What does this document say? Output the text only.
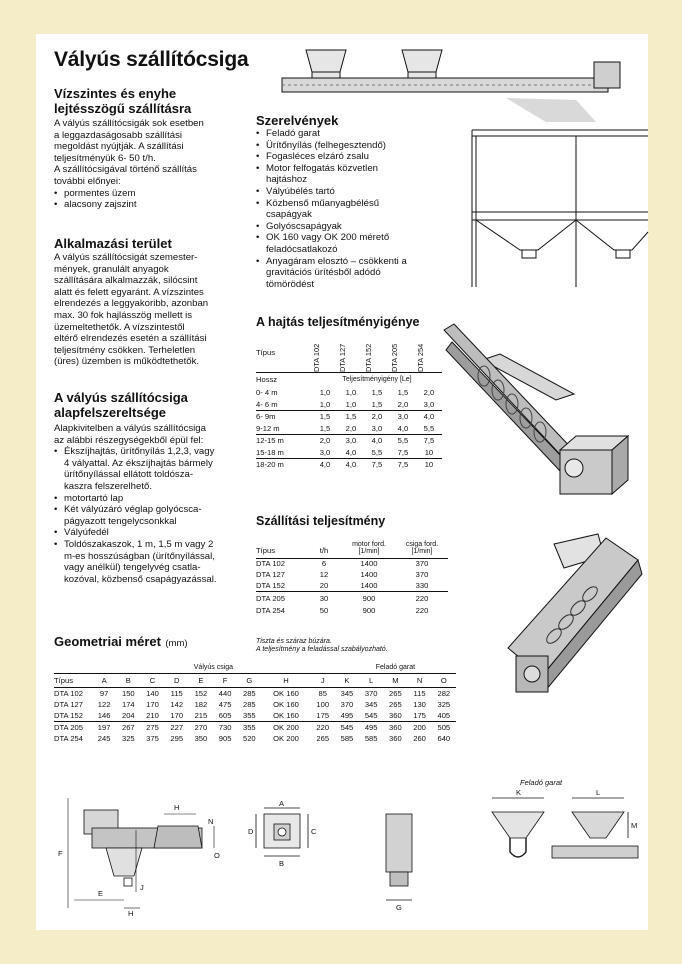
Vályús szállítócsiga
Vízszintes és enyhe lejtésszögű szállításra

A vályús szállítócsigák sok esetben

a leggazdaságosabb szállítási

megoldást nyújtják. A szállítási

teljesítményük 6- 50 t/h.

A szállítócsigával történő szállítás

további előnyei:

• pormentes üzem
• alacsony zajszint
Alkalmazási terület

A vályús szállítócsigát szemester-

mények, granulált anyagok

szállítására alkalmazzák, silócsint

alatt és felett egyaránt. A vízszintes

elrendezés a leggyakoribb, azonban

max. 30 fok hajlásszög mellett is

üzemeltethetők. A vízszintestől

eltérő elrendezés esetén a szállítási

teljesítmény csökken. Terheletlen

(üres) üzemben is működtethetők.

A vályús szállítócsiga alapfelszereltsége

Alapkivitelben a vályús szállítócsiga

az alábbi részegységekből épül fel:

• Ékszíjhajtás, ürítőnyílás 1,2,3, vagy
4 vályattal. Az ékszíjhajtás bármely
ürítőnyílással ellátott toldósza-
kaszra felszerelhető.
• motortartó lap
• Két vályúzáró véglap golyócsca-
págyazott tengelycsonkkal
• Vályúfedél
• Toldószakaszok, 1 m, 1,5 m vagy 2
m-es hosszúságban (ürítőnyílással,
vagy anélkül) tengelyvég csatla-
kozóval, közbenső csapágyazással.
Szerelvények
• Feladó garat
• Ürítőnyílás (felhegesztendő)
• Fogasléces elzáró zsalu
• Motor felfogatás közvetlen
hajtáshoz
• Vályúbélés tartó
• Közbenső műanyagbélésű
csapágyak
• Golyóscsapágyak
• OK 160 vagy OK 200 mérető
feladócsatlakozó
• Anyagáram elosztó – csökkenti a
gravitációs ürítésből adódó
tömörödést
A hajtás teljesítményigénye
Típus	DTA 102	DTA 127	DTA 152	DTA 205	DTA 254

Hossz	Teljesítményigény [Le]				
0- 4 m	1,0	1,0	1,5	1,5	2,0
4- 6 m	1,0	1,0	1,5	2,0	3,0
6- 9m	1,5	1,5	2,0	3,0	4,0
9-12 m	1,5	2,0	3,0	4,0	5,5
12-15 m	2,0	3,0	4,0	5,5	7,5
15-18 m	3,0	4,0	5,5	7,5	10
18-20 m	4,0	4,0	7,5	7,5	10
Szállítási teljesítmény
Típus	t/h	motor ford. [1/min]	csiga ford. [1/min]
DTA 102	6	1400	370
DTA 127	12	1400	370
DTA 152	20	1400	330
DTA 205	30	900	220
DTA 254	50	900	220
Tiszta és száraz búzára.
A teljesítmény a feladással szabályozható.
Geometriai méret (mm)
	Vályús csiga									Feladó garat				
Típus	A	B	C	D	E	F	G	H	J	K	L	M	N	O
DTA 102	97	150	140	115	152	440	285	OK 160	85	345	370	265	115	282
DTA 127	122	174	170	142	182	475	285	OK 160	100	370	345	265	130	325
DTA 152	146	204	210	170	215	605	355	OK 160	175	495	545	360	175	405
DTA 205	197	267	275	227	270	730	355	OK 200	220	545	495	360	200	505
DTA 254	245	325	375	295	350	905	520	OK 200	265	585	585	360	260	640
H
N
F	O
E
J
H
A
D	C
B
G
Feladó garat
K	L
M
